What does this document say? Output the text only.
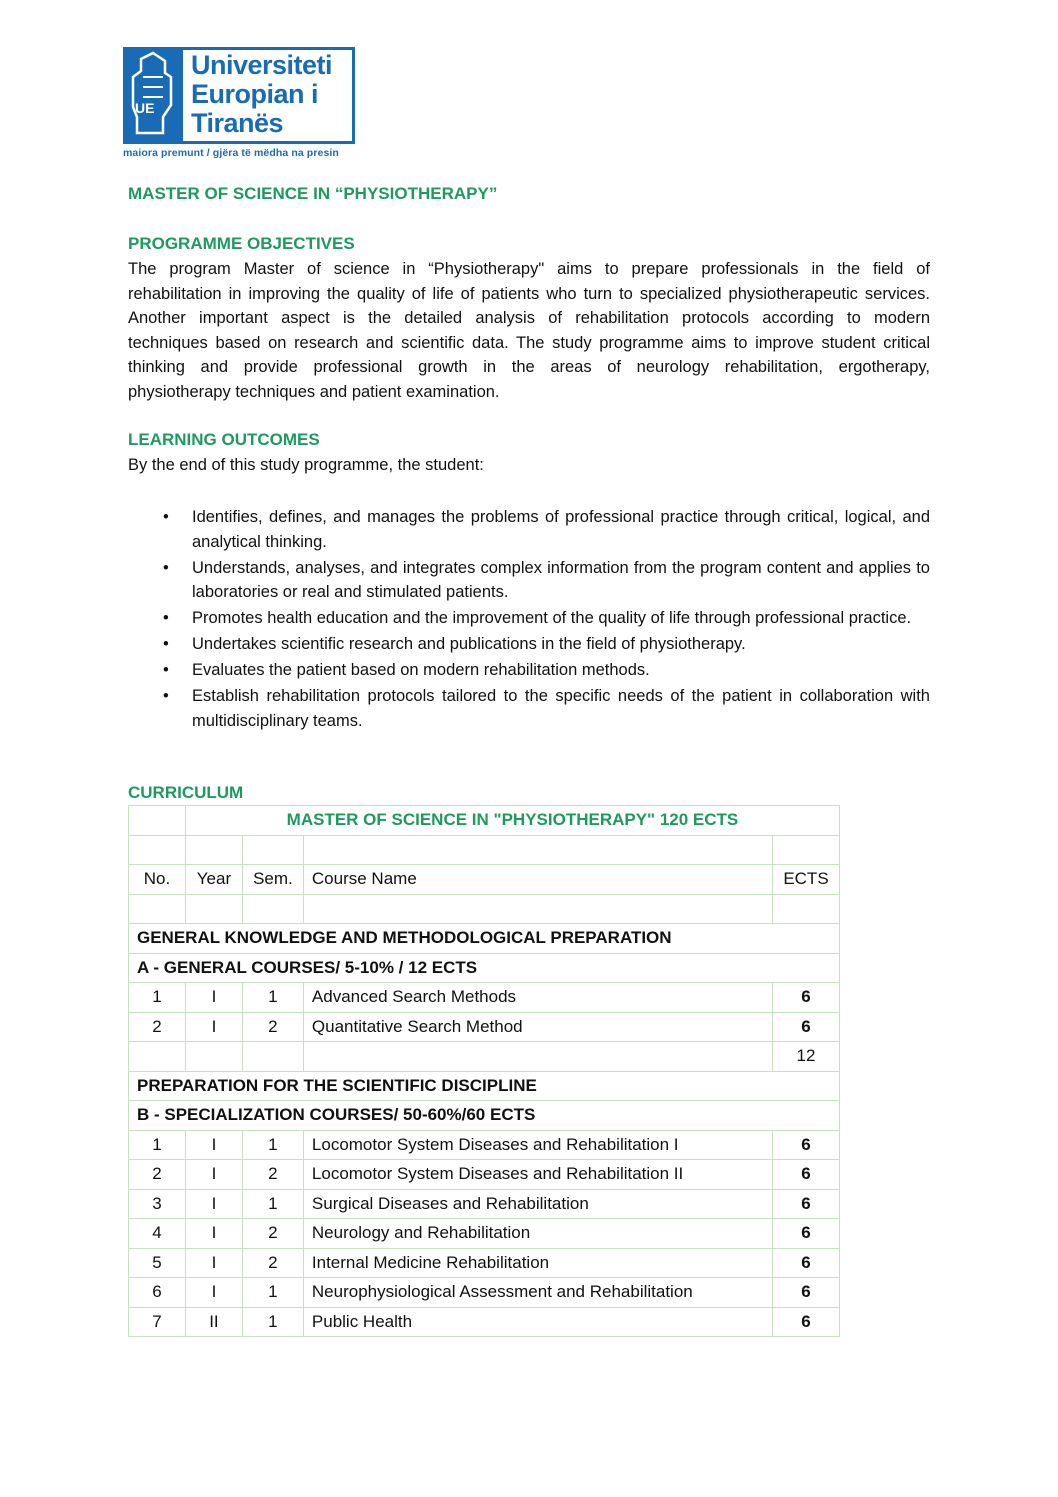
UE
Universiteti
Europian i
Tiranës
maiora premunt / gjëra të mëdha na presin
MASTER OF SCIENCE IN “PHYSIOTHERAPY”
PROGRAMME OBJECTIVES
The program Master of science in “Physiotherapy" aims to prepare professionals in the field of
rehabilitation in improving the quality of life of patients who turn to specialized physiotherapeutic services.
Another important aspect is the detailed analysis of rehabilitation protocols according to modern
techniques based on research and scientific data. The study programme aims to improve student critical
thinking and provide professional growth in the areas of neurology rehabilitation, ergotherapy,
physiotherapy techniques and patient examination.
LEARNING OUTCOMES
By the end of this study programme, the student:
• Identifies, defines, and manages the problems of professional practice through critical, logical, and analytical thinking.
• Understands, analyses, and integrates complex information from the program content and applies to laboratories or real and stimulated patients.
• Promotes health education and the improvement of the quality of life through professional practice.
• Undertakes scientific research and publications in the field of physiotherapy.
• Evaluates the patient based on modern rehabilitation methods.
• Establish rehabilitation protocols tailored to the specific needs of the patient in collaboration with multidisciplinary teams.
CURRICULUM
	MASTER OF SCIENCE IN "PHYSIOTHERAPY" 120 ECTS			

No.	Year	Sem.	Course Name	ECTS

GENERAL KNOWLEDGE AND METHODOLOGICAL PREPARATION				
A - GENERAL COURSES/ 5-10% / 12 ECTS				
1	I	1	Advanced Search Methods	6
2	I	2	Quantitative Search Method	6
				12
PREPARATION FOR THE SCIENTIFIC DISCIPLINE				
B - SPECIALIZATION COURSES/ 50-60%/60 ECTS				
1	I	1	Locomotor System Diseases and Rehabilitation I	6
2	I	2	Locomotor System Diseases and Rehabilitation II	6
3	I	1	Surgical Diseases and Rehabilitation	6
4	I	2	Neurology and Rehabilitation	6
5	I	2	Internal Medicine Rehabilitation	6
6	I	1	Neurophysiological Assessment and Rehabilitation	6
7	II	1	Public Health	6
